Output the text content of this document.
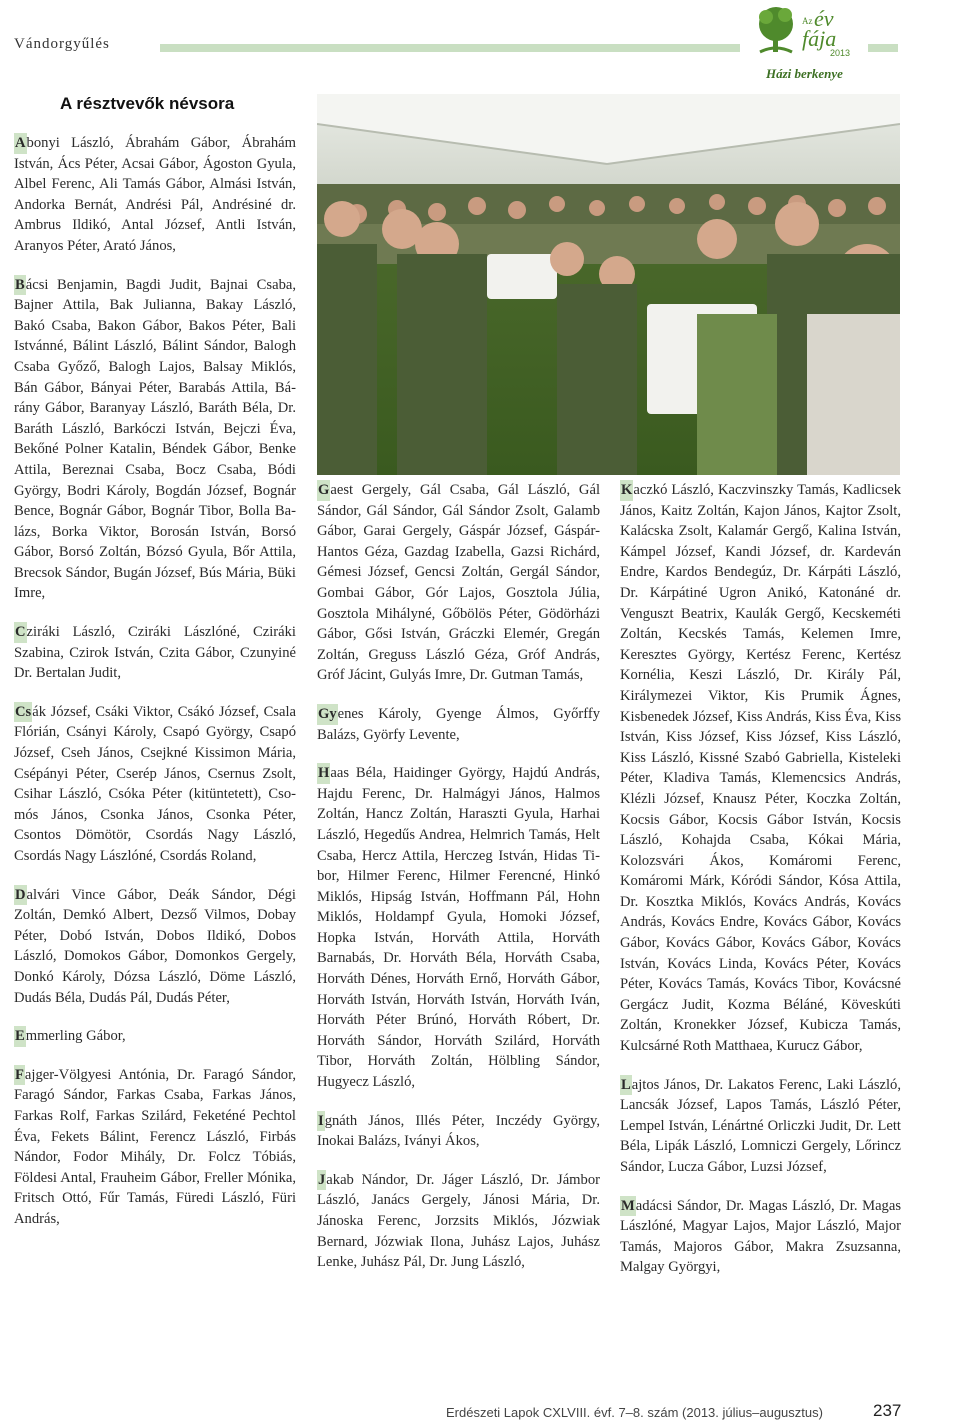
Vándorgyűlés
Az év
fája
2013
Házi berkenye
A résztvevők névsora

Abonyi László, Ábrahám Gábor, Ábrahám István, Ács Péter, Acsai Gábor, Ágoston Gyula, Albel Ferenc, Ali Tamás Gábor, Almási István, Andorka Bernát, Andrési Pál, Andrésiné dr. Ambrus Ildikó, Antal József, Antli István, Aranyos Péter, Arató János,

Bácsi Benjamin, Bagdi Judit, Bajnai Csaba, Bajner Attila, Bak Julianna, Bakay László, Bakó Csaba, Bakon Gábor, Bakos Péter, Bali Istvánné, Bálint László, Bálint Sándor, Balogh Csaba Győző, Balogh Lajos, Balsay Miklós, Bán Gábor, Bányai Péter, Barabás Attila, Bárány Gábor, Baranyay László, Baráth Béla, Dr. Baráth László, Barkóczi István, Bejczi Éva, Bekőné Polner Katalin, Béndek Gábor, Benke Attila, Bereznai Csaba, Bocz Csaba, Bódi György, Bodri Károly, Bogdán József, Bognár Bence, Bognár Gábor, Bognár Tibor, Bolla Balázs, Borka Viktor, Borosán István, Borsó Gábor, Borsó Zoltán, Bózsó Gyula, Bőr Attila, Brecsok Sándor, Bugán József, Bús Mária, Büki Imre,

Cziráki László, Cziráki Lászlóné, Cziráki Szabina, Czirok István, Czita Gábor, Czunyiné Dr. Bertalan Judit,

Csák József, Csáki Viktor, Csákó József, Csala Flórián, Csányi Károly, Csapó György, Csapó József, Cseh János, Csejkné Kissimon Mária, Csépányi Péter, Cserép János, Csernus Zsolt, Csihar László, Csóka Péter (kitüntetett), Csomós János, Csonka János, Csonka Péter, Csontos Dömötör, Csordás Nagy László, Csordás Nagy Lászlóné, Csordás Roland,

Dalvári Vince Gábor, Deák Sándor, Dégi Zoltán, Demkó Albert, Dezső Vilmos, Dobay Péter, Dobó István, Dobos Ildikó, Dobos László, Domokos Gábor, Domonkos Gergely, Donkó Károly, Dózsa László, Döme László, Dudás Béla, Dudás Pál, Dudás Péter,

Emmerling Gábor,

Fajger-Völgyesi Antónia, Dr. Faragó Sándor, Faragó Sándor, Farkas Csaba, Farkas János, Farkas Rolf, Farkas Szilárd, Feketéné Pechtol Éva, Fekets Bálint, Ferencz László, Firbás Nándor, Fodor Mihály, Dr. Folcz Tóbiás, Földesi Antal, Frauheim Gábor, Freller Mónika, Fritsch Ottó, Fűr Tamás, Füredi László, Füri András,

Gaest Gergely, Gál Csaba, Gál László, Gál Sándor, Gál Sándor, Gál Sándor Zsolt, Galamb Gábor, Garai Gergely, Gáspár József, Gáspár-Hantos Géza, Gazdag Izabella, Gazsi Richárd, Gémesi József, Gencsi Zoltán, Gergál Sándor, Gombai Gábor, Gór Lajos, Gosztola Júlia, Gosztola Mihályné, Gőbölös Péter, Gödörházi Gábor, Gősi István, Gráczki Elemér, Gregán Zoltán, Greguss László Géza, Gróf András, Gróf Jácint, Gulyás Imre, Dr. Gutman Tamás,

Gyenes Károly, Gyenge Álmos, Győrffy Balázs, Györfy Levente,

Haas Béla, Haidinger György, Hajdú András, Hajdu Ferenc, Dr. Halmágyi János, Halmos Zoltán, Hancz Zoltán, Haraszti Gyula, Harhai László, Hegedűs Andrea, Helmrich Tamás, Helt Csaba, Hercz Attila, Herczeg István, Hidas Tibor, Hilmer Ferenc, Hilmer Ferencné, Hinkó Miklós, Hipság István, Hoffmann Pál, Hohn Miklós, Holdampf Gyula, Homoki József, Hopka István, Horváth Attila, Horváth Barnabás, Dr. Horváth Béla, Horváth Csaba, Horváth Dénes, Horváth Ernő, Horváth Gábor, Horváth István, Horváth István, Horváth Iván, Horváth Péter Brúnó, Horváth Róbert, Dr. Horváth Sándor, Horváth Szilárd, Horváth Tibor, Horváth Zoltán, Hölbling Sándor, Hugyecz László,

Ignáth János, Illés Péter, Inczédy György, Inokai Balázs, Iványi Ákos,

Jakab Nándor, Dr. Jáger László, Dr. Jámbor László, Janács Gergely, Jánosi Mária, Dr. Jánoska Ferenc, Jorzsits Miklós, Józwiak Bernard, Józwiak Ilona, Juhász Lajos, Juhász Lenke, Juhász Pál, Dr. Jung László,

Kaczkó László, Kaczvinszky Tamás, Kadlicsek János, Kaitz Zoltán, Kajon János, Kajtor Zsolt, Kalácska Zsolt, Kalamár Gergő, Kalina István, Kámpel József, Kandi József, dr. Kardeván Endre, Kardos Bendegúz, Dr. Kárpáti László, Dr. Kárpátiné Ugron Anikó, Katonáné dr. Venguszt Beatrix, Kaulák Gergő, Kecskeméti Zoltán, Kecskés Tamás, Kelemen Imre, Keresztes György, Kertész Ferenc, Kertész Kornélia, Keszi László, Dr. Király Pál, Királymezei Viktor, Kis Prumik Ágnes, Kisbenedek József, Kiss András, Kiss Éva, Kiss István, Kiss József, Kiss József, Kiss László, Kiss László, Kissné Szabó Gabriella, Kisteleki Péter, Kladiva Tamás, Klemencsics András, Klézli József, Knausz Péter, Koczka Zoltán, Kocsis Gábor, Kocsis Gábor István, Kocsis László, Kohajda Csaba, Kókai Mária, Kolozsvári Ákos, Komáromi Ferenc, Komáromi Márk, Kóródi Sándor, Kósa Attila, Dr. Kosztka Miklós, Kovács András, Kovács András, Kovács Endre, Kovács Gábor, Kovács Gábor, Kovács Gábor, Kovács Gábor, Kovács István, Kovács Linda, Kovács Péter, Kovács Péter, Kovács Tamás, Kovács Tibor, Kovácsné Gergácz Judit, Kozma Béláné, Köveskúti Zoltán, Kronekker József, Kubicza Tamás, Kulcsárné Roth Matthaea, Kurucz Gábor,

Lajtos János, Dr. Lakatos Ferenc, Laki László, Lancsák József, Lapos Tamás, László Péter, Lempel István, Lénártné Orliczki Judit, Dr. Lett Béla, Lipák László, Lomniczi Gergely, Lőrincz Sándor, Lucza Gábor, Luzsi József,

Madácsi Sándor, Dr. Magas László, Dr. Magas Lászlóné, Magyar Lajos, Major László, Major Tamás, Majoros Gábor, Makra Zsuzsanna, Malgay Györgyi,

Erdészeti Lapok CXLVIII. évf. 7–8. szám (2013. július–augusztus)	237
